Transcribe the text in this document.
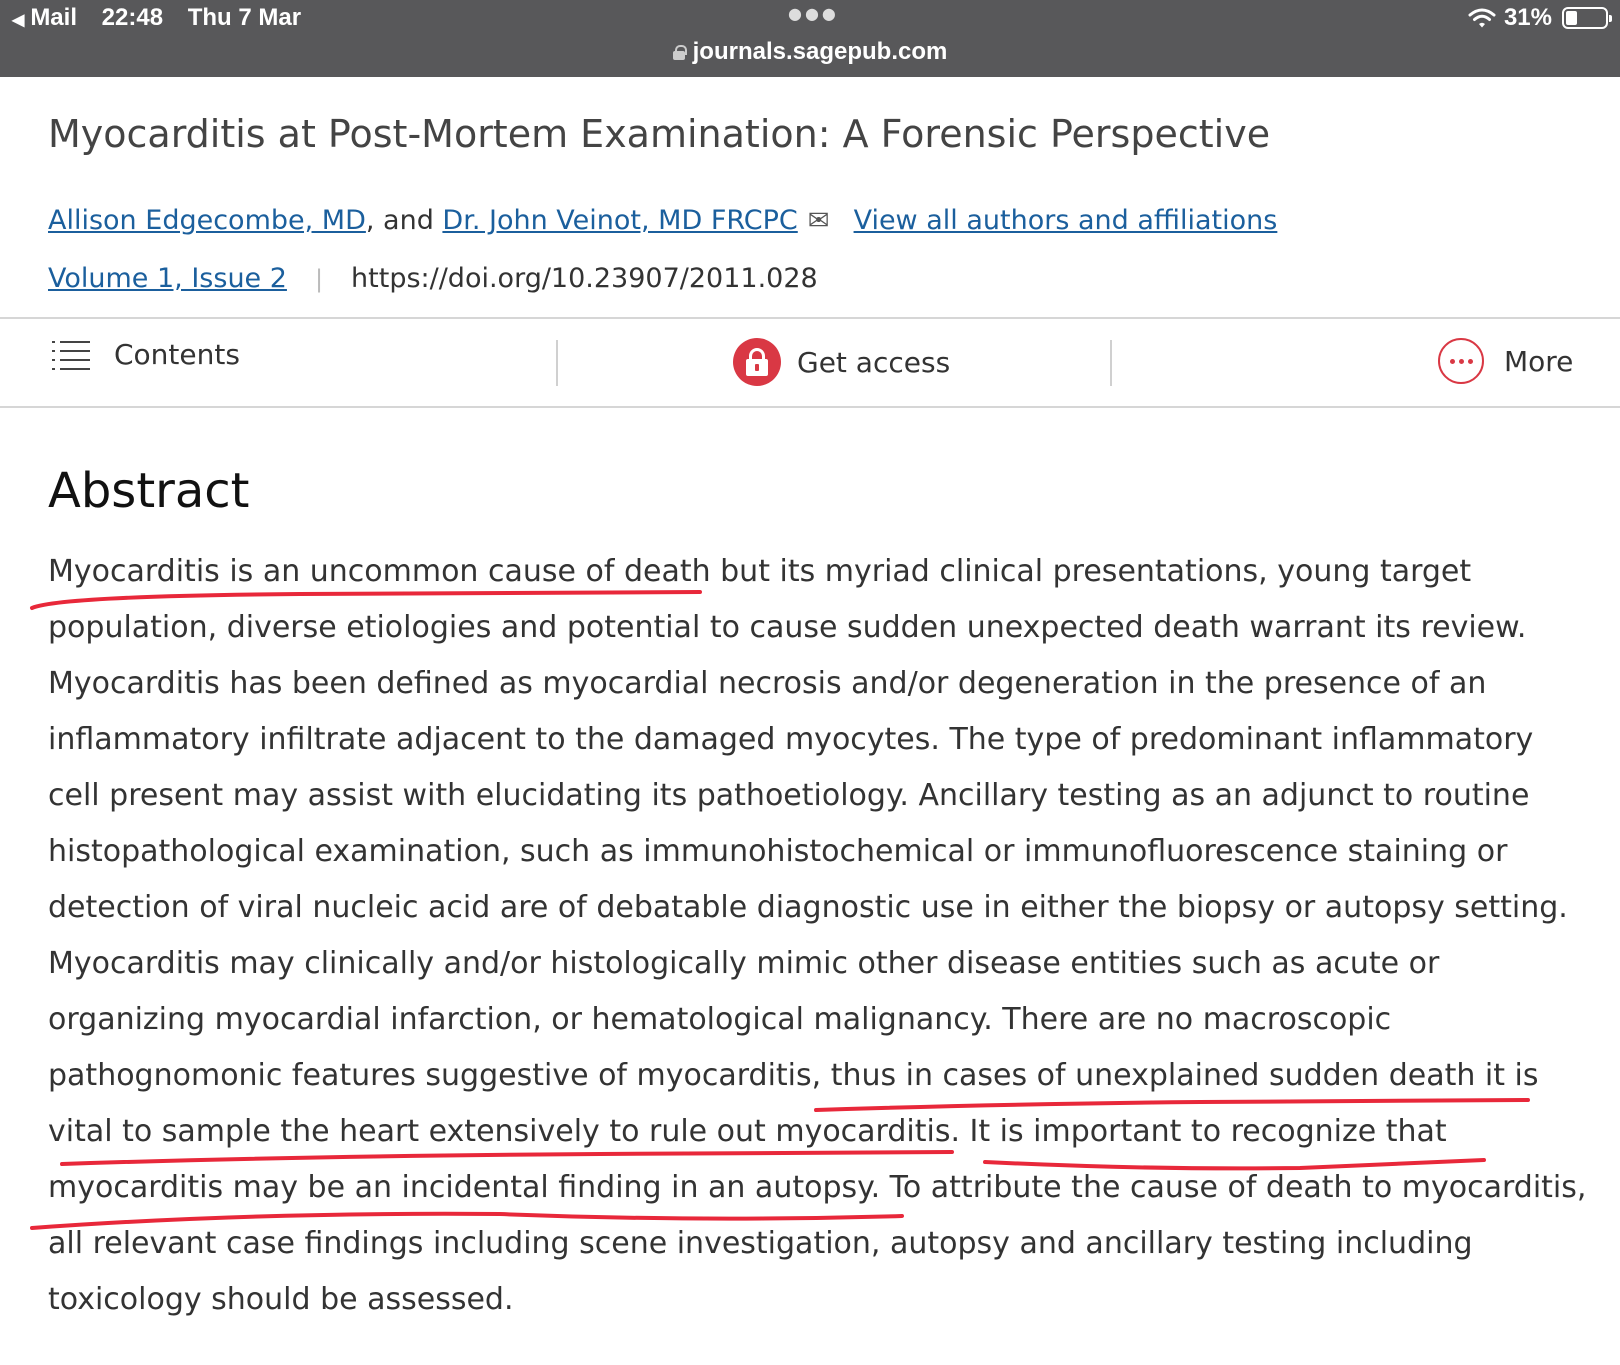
◀ Mail 22:48 Thu 7 Mar	●●●
journals.sagepub.com
31%
Myocarditis at Post-Mortem Examination: A Forensic Perspective
Allison Edgecombe, MD, and Dr. John Veinot, MD FRCPC ✉ View all authors and affiliations
Volume 1, Issue 2 | https://doi.org/10.23907/2011.028
Contents	Get access	More
Abstract

Myocarditis is an uncommon cause of death but its myriad clinical presentations, young target population, diverse etiologies and potential to cause sudden unexpected death warrant its review. Myocarditis has been defined as myocardial necrosis and/or degeneration in the presence of an inflammatory infiltrate adjacent to the damaged myocytes. The type of predominant inflammatory cell present may assist with elucidating its pathoetiology. Ancillary testing as an adjunct to routine histopathological examination, such as immunohistochemical or immunofluorescence staining or detection of viral nucleic acid are of debatable diagnostic use in either the biopsy or autopsy setting. Myocarditis may clinically and/or histologically mimic other disease entities such as acute or organizing myocardial infarction, or hematological malignancy. There are no macroscopic pathognomonic features suggestive of myocarditis, thus in cases of unexplained sudden death it is vital to sample the heart extensively to rule out myocarditis. It is important to recognize that myocarditis may be an incidental finding in an autopsy. To attribute the cause of death to myocarditis, all relevant case findings including scene investigation, autopsy and ancillary testing including toxicology should be assessed.
